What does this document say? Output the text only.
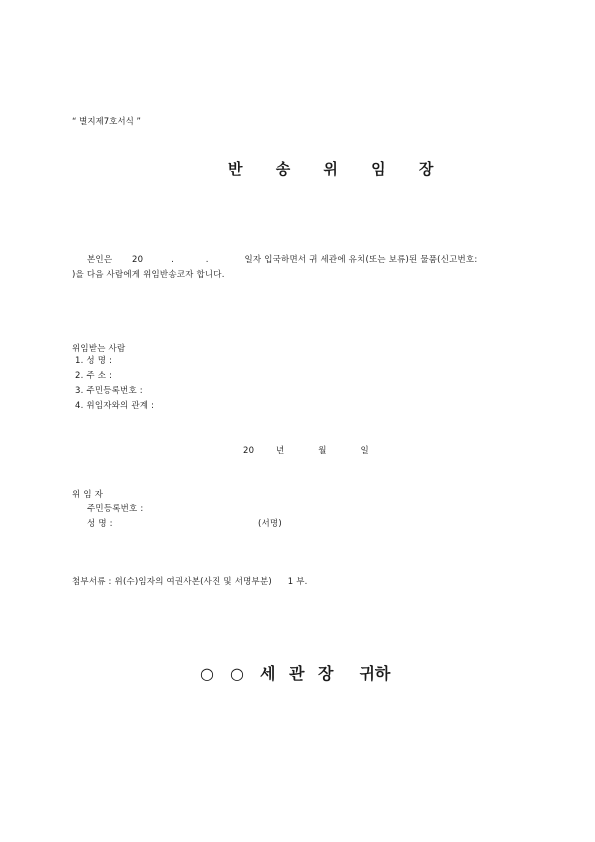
“ 별지제7호서식 ”
반 송 위 임 장
본인은 20	.	.	일자 입국하면서 귀 세관에 유치(또는 보류)된 물품(신고번호:
)을 다음 사람에게 위임반송코자 합니다.
위임받는 사람
1. 성 명 :
2. 주 소 :
3. 주민등록번호 :
4. 위임자와의 관계 :
20	년	월	일
위 임 자
주민등록번호 :
성 명 :	(서명)
첨부서류 : 위(수)임자의 여권사본(사진 및 서명부분) 1 부.
○ ○ 세 관 장 귀하
